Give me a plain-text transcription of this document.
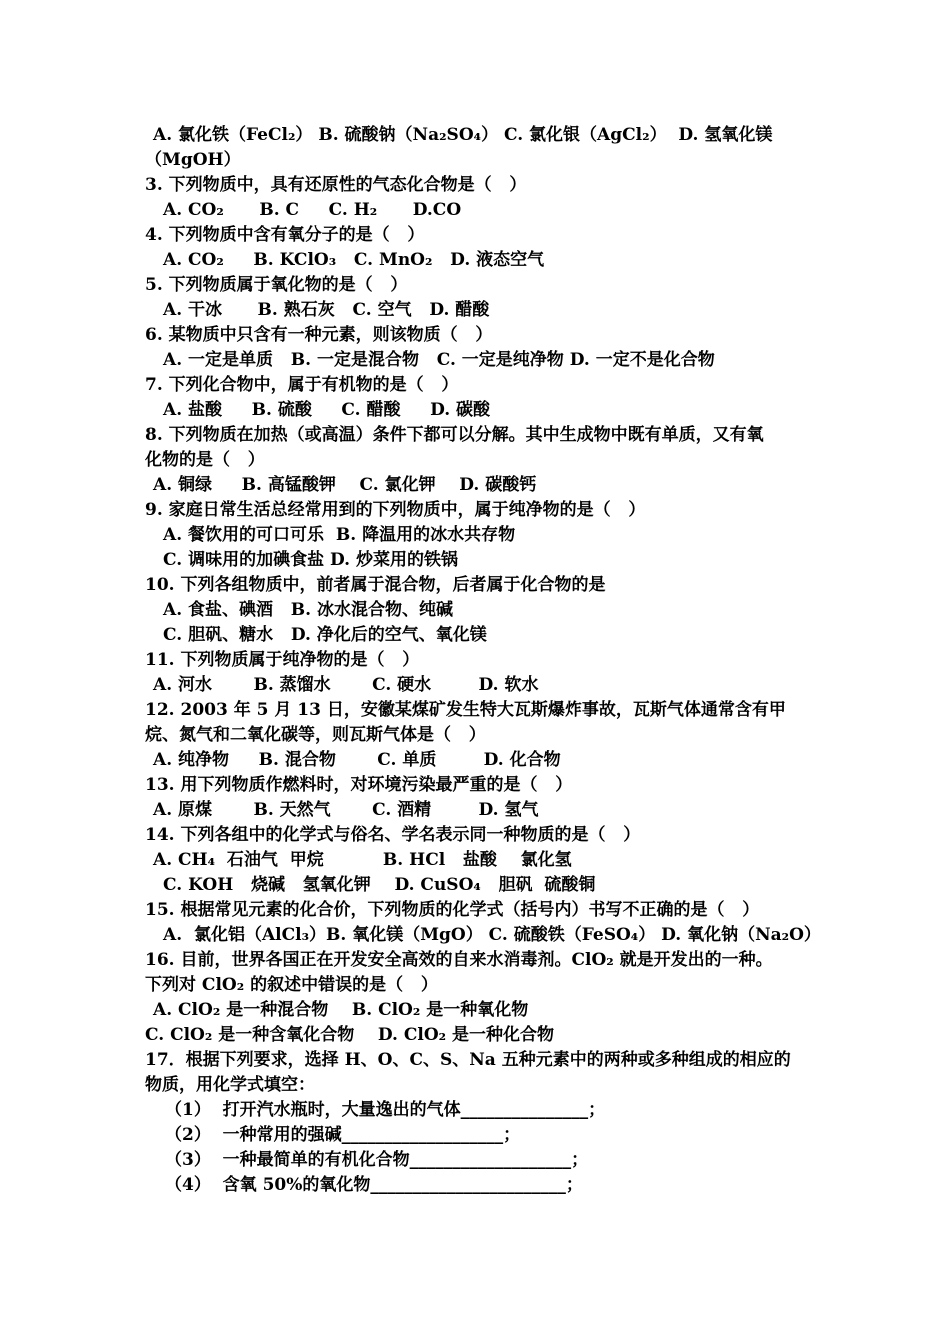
A. 氯化铁（FeCl₂） B. 硫酸钠（Na₂SO₄） C. 氯化银（AgCl₂）  D. 氢氧化镁
（MgOH）
3. 下列物质中，具有还原性的气态化合物是（   ）
A. CO₂      B. C     C. H₂      D.CO
4. 下列物质中含有氧分子的是（   ）
A. CO₂     B. KClO₃   C. MnO₂   D. 液态空气
5. 下列物质属于氧化物的是（   ）
A. 干冰      B. 熟石灰   C. 空气   D. 醋酸
6. 某物质中只含有一种元素，则该物质（   ）
A. 一定是单质   B. 一定是混合物   C. 一定是纯净物 D. 一定不是化合物
7. 下列化合物中，属于有机物的是（   ）
A. 盐酸     B. 硫酸     C. 醋酸     D. 碳酸
8. 下列物质在加热（或高温）条件下都可以分解。其中生成物中既有单质，又有氧
化物的是（   ）
A. 铜绿     B. 高锰酸钾    C. 氯化钾    D. 碳酸钙
9. 家庭日常生活总经常用到的下列物质中，属于纯净物的是（   ）
A. 餐饮用的可口可乐  B. 降温用的冰水共存物
C. 调味用的加碘食盐 D. 炒菜用的铁锅
10. 下列各组物质中，前者属于混合物，后者属于化合物的是
A. 食盐、碘酒   B. 冰水混合物、纯碱
C. 胆矾、糖水   D. 净化后的空气、氧化镁
11. 下列物质属于纯净物的是（   ）
A. 河水       B. 蒸馏水       C. 硬水        D. 软水
12. 2003 年 5 月 13 日，安徽某煤矿发生特大瓦斯爆炸事故，瓦斯气体通常含有甲
烷、氮气和二氧化碳等，则瓦斯气体是（   ）
A. 纯净物     B. 混合物       C. 单质        D. 化合物
13. 用下列物质作燃料时，对环境污染最严重的是（   ）
A. 原煤       B. 天然气       C. 酒精        D. 氢气
14. 下列各组中的化学式与俗名、学名表示同一种物质的是（   ）
A. CH₄  石油气  甲烷          B. HCl   盐酸    氯化氢
C. KOH   烧碱   氢氧化钾    D. CuSO₄   胆矾  硫酸铜
15. 根据常见元素的化合价，下列物质的化学式（括号内）书写不正确的是（   ）
A.  氯化铝（AlCl₃）B. 氧化镁（MgO） C. 硫酸铁（FeSO₄） D. 氧化钠（Na₂O）
16. 目前，世界各国正在开发安全高效的自来水消毒剂。ClO₂ 就是开发出的一种。
下列对 ClO₂ 的叙述中错误的是（   ）
A. ClO₂ 是一种混合物    B. ClO₂ 是一种氧化物
C. ClO₂ 是一种含氧化合物    D. ClO₂ 是一种化合物
17．根据下列要求，选择 H、O、C、S、Na 五种元素中的两种或多种组成的相应的
物质，用化学式填空：
（1）  打开汽水瓶时，大量逸出的气体_______________；
（2）  一种常用的强碱___________________；
（3）  一种最简单的有机化合物___________________；
（4）  含氧 50%的氧化物_______________________；
